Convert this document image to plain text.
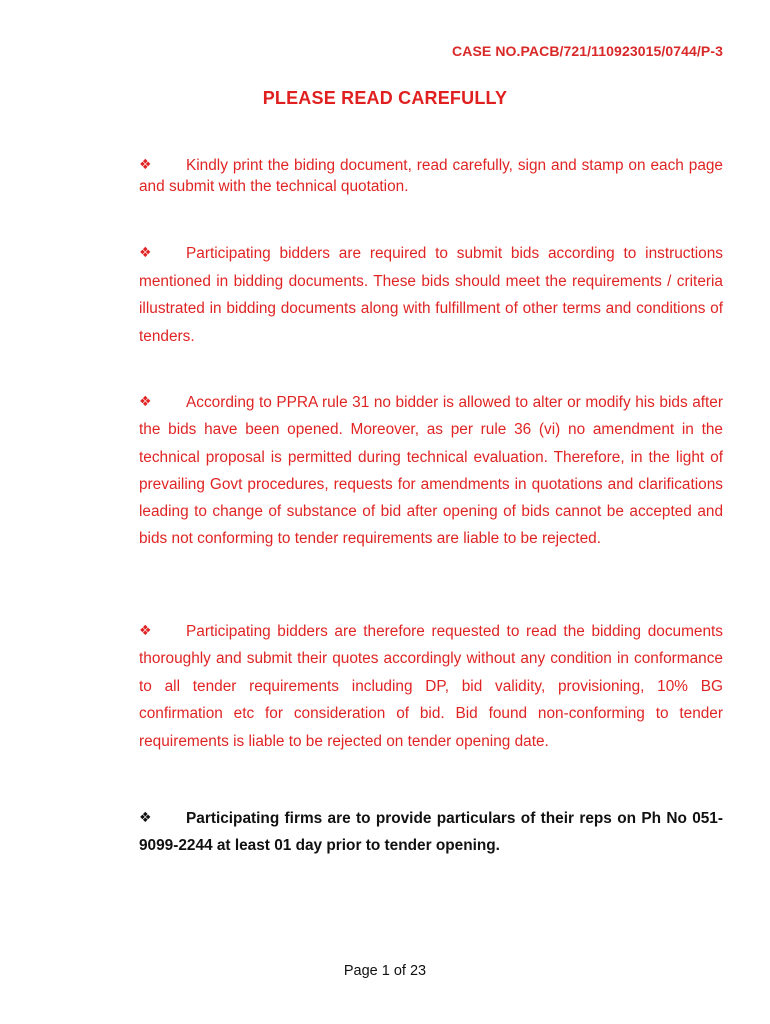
CASE NO.PACB/721/110923015/0744/P-3
PLEASE READ CAREFULLY
❖ Kindly print the biding document, read carefully, sign and stamp on each page and submit with the technical quotation.
❖ Participating bidders are required to submit bids according to instructions mentioned in bidding documents. These bids should meet the requirements / criteria illustrated in bidding documents along with fulfillment of other terms and conditions of tenders.
❖ According to PPRA rule 31 no bidder is allowed to alter or modify his bids after the bids have been opened. Moreover, as per rule 36 (vi) no amendment in the technical proposal is permitted during technical evaluation. Therefore, in the light of prevailing Govt procedures, requests for amendments in quotations and clarifications leading to change of substance of bid after opening of bids cannot be accepted and bids not conforming to tender requirements are liable to be rejected.
❖ Participating bidders are therefore requested to read the bidding documents thoroughly and submit their quotes accordingly without any condition in conformance to all tender requirements including DP, bid validity, provisioning, 10% BG confirmation etc for consideration of bid. Bid found non-conforming to tender requirements is liable to be rejected on tender opening date.
❖ Participating firms are to provide particulars of their reps on Ph No 051-9099-2244 at least 01 day prior to tender opening.
Page 1 of 23
